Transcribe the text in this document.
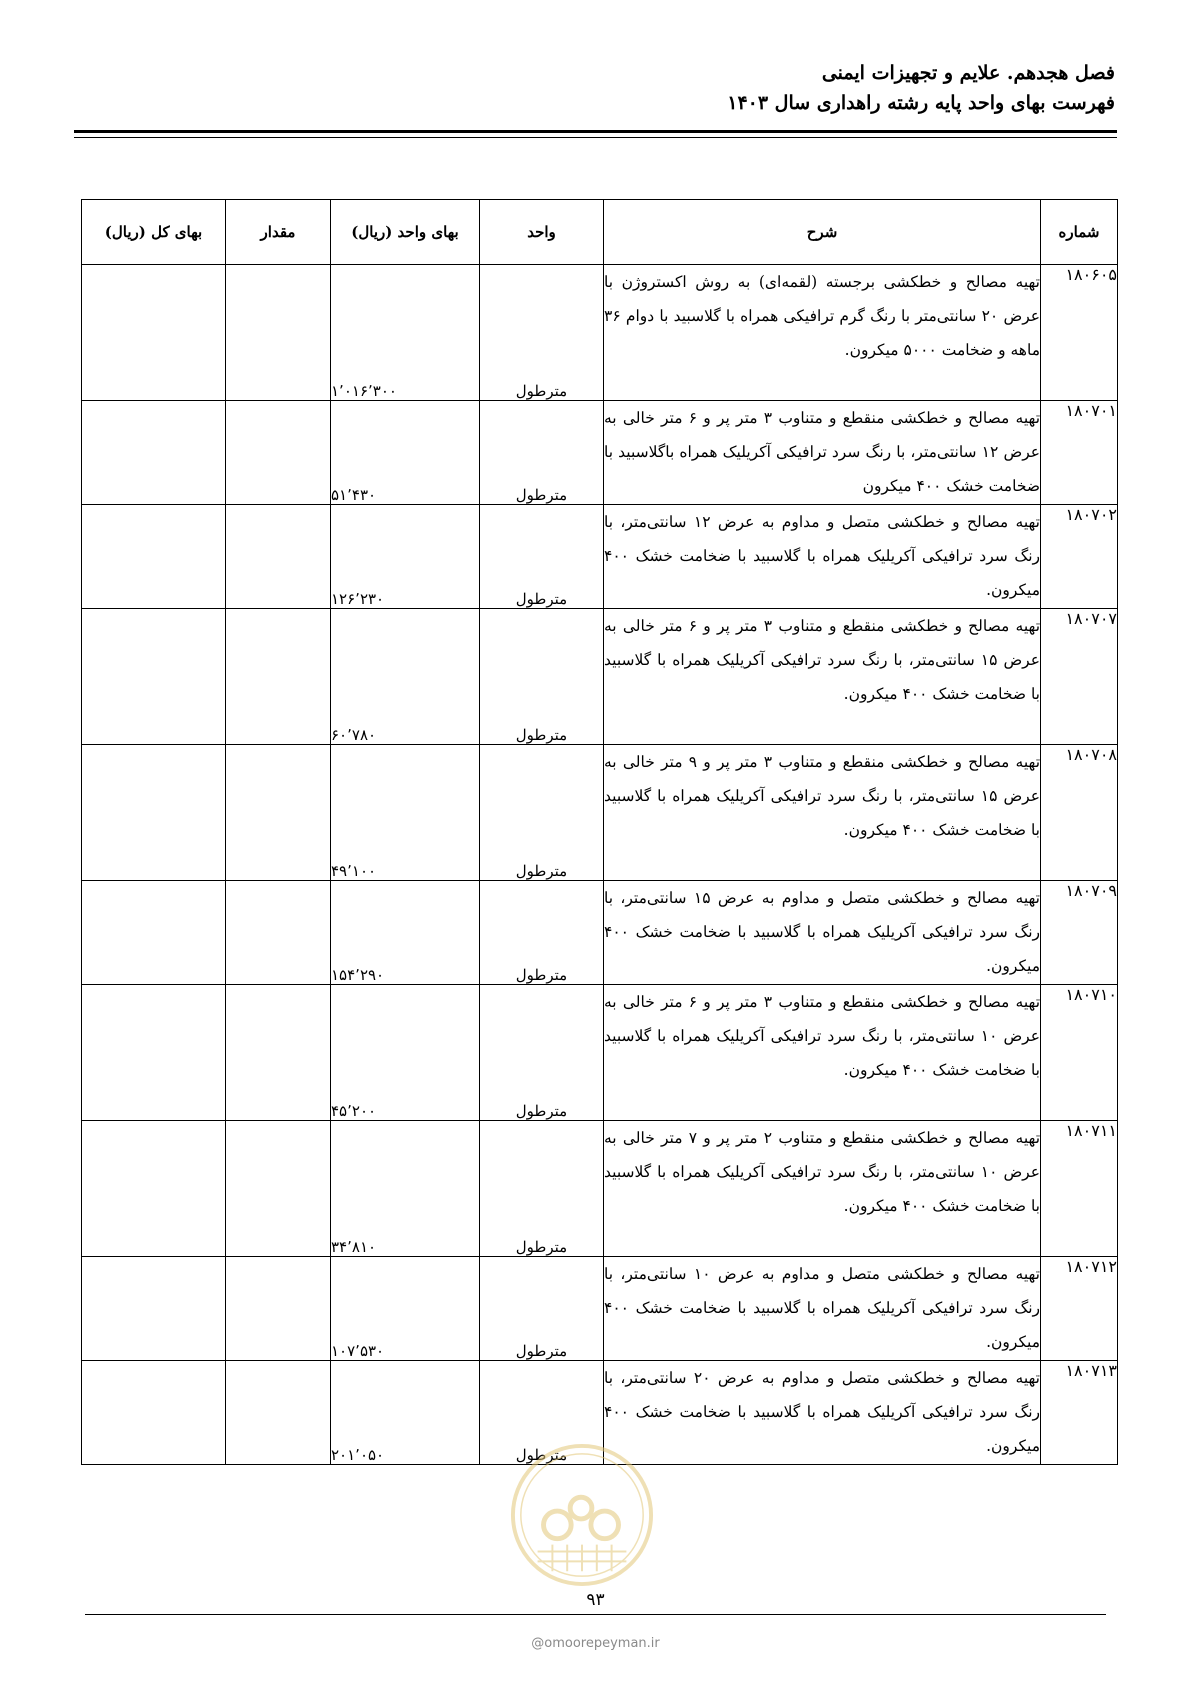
فصل هجدهم. علایم و تجهیزات ایمنی
فهرست بهای واحد پایه رشته راهداری سال ۱۴۰۳
شماره	شرح	واحد	بهای واحد (ریال)	مقدار	بهای کل (ریال)
۱۸۰۶۰۵	تهیه مصالح و خطکشی برجسته (لقمه‌ای) به روش اکستروژن با عرض ۲۰ سانتی‌متر با رنگ گرم ترافیکی همراه با گلاسبید با دوام ۳۶ ماهه و ضخامت ۵۰۰۰ میکرون.	مترطول	۱٬۰۱۶٬۳۰۰		
۱۸۰۷۰۱	تهیه مصالح و خطکشی منقطع و متناوب ۳ متر پر و ۶ متر خالی به عرض ۱۲ سانتی‌متر، با رنگ سرد ترافیکی آکریلیک همراه باگلاسبید با ضخامت خشک ۴۰۰ میکرون	مترطول	۵۱٬۴۳۰		
۱۸۰۷۰۲	تهیه مصالح و خطکشی متصل و مداوم به عرض ۱۲ سانتی‌متر، با رنگ سرد ترافیکی آکریلیک همراه با گلاسبید با ضخامت خشک ۴۰۰ میکرون.	مترطول	۱۲۶٬۲۳۰		
۱۸۰۷۰۷	تهیه مصالح و خطکشی منقطع و متناوب ۳ متر پر و ۶ متر خالی به عرض ۱۵ سانتی‌متر، با رنگ سرد ترافیکی آکریلیک همراه با گلاسبید با ضخامت خشک ۴۰۰ میکرون.	مترطول	۶۰٬۷۸۰		
۱۸۰۷۰۸	تهیه مصالح و خطکشی منقطع و متناوب ۳ متر پر و ۹ متر خالی به عرض ۱۵ سانتی‌متر، با رنگ سرد ترافیکی آکریلیک همراه با گلاسبید با ضخامت خشک ۴۰۰ میکرون.	مترطول	۴۹٬۱۰۰		
۱۸۰۷۰۹	تهیه مصالح و خطکشی متصل و مداوم به عرض ۱۵ سانتی‌متر، با رنگ سرد ترافیکی آکریلیک همراه با گلاسبید با ضخامت خشک ۴۰۰ میکرون.	مترطول	۱۵۴٬۲۹۰		
۱۸۰۷۱۰	تهیه مصالح و خطکشی منقطع و متناوب ۳ متر پر و ۶ متر خالی به عرض ۱۰ سانتی‌متر، با رنگ سرد ترافیکی آکریلیک همراه با گلاسبید با ضخامت خشک ۴۰۰ میکرون.	مترطول	۴۵٬۲۰۰		
۱۸۰۷۱۱	تهیه مصالح و خطکشی منقطع و متناوب ۲ متر پر و ۷ متر خالی به عرض ۱۰ سانتی‌متر، با رنگ سرد ترافیکی آکریلیک همراه با گلاسبید با ضخامت خشک ۴۰۰ میکرون.	مترطول	۳۴٬۸۱۰		
۱۸۰۷۱۲	تهیه مصالح و خطکشی متصل و مداوم به عرض ۱۰ سانتی‌متر، با رنگ سرد ترافیکی آکریلیک همراه با گلاسبید با ضخامت خشک ۴۰۰ میکرون.	مترطول	۱۰۷٬۵۳۰		
۱۸۰۷۱۳	تهیه مصالح و خطکشی متصل و مداوم به عرض ۲۰ سانتی‌متر، با رنگ سرد ترافیکی آکریلیک همراه با گلاسبید با ضخامت خشک ۴۰۰ میکرون.	مترطول	۲۰۱٬۰۵۰		
۹۳
@omoorepeyman.ir
